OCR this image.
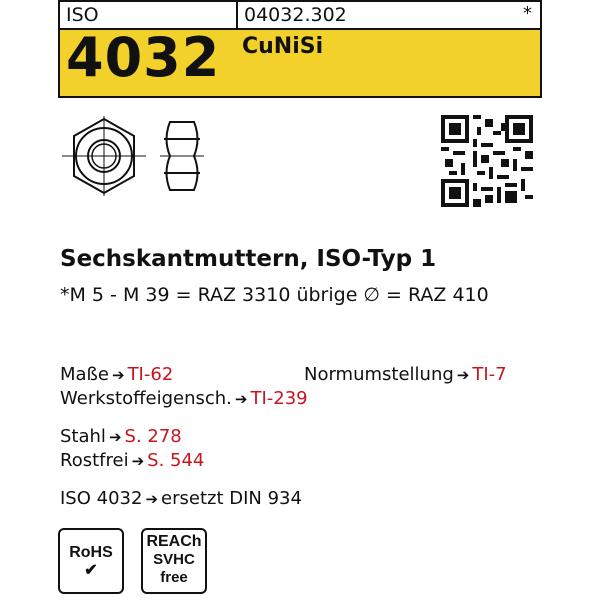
ISO	04032.302	*
4032 CuNiSi
Sechskantmuttern, ISO-Typ 1
*M 5 - M 39 = RAZ 3310 übrige ∅ = RAZ 410
Maße ➔ TI-62	Normumstellung ➔ TI-7
Werkstoffeigensch. ➔ TI-239
Stahl ➔ S. 278
Rostfrei ➔ S. 544
ISO 4032 ➔ ersetzt DIN 934
RoHS
✔
REACh
SVHC
free
